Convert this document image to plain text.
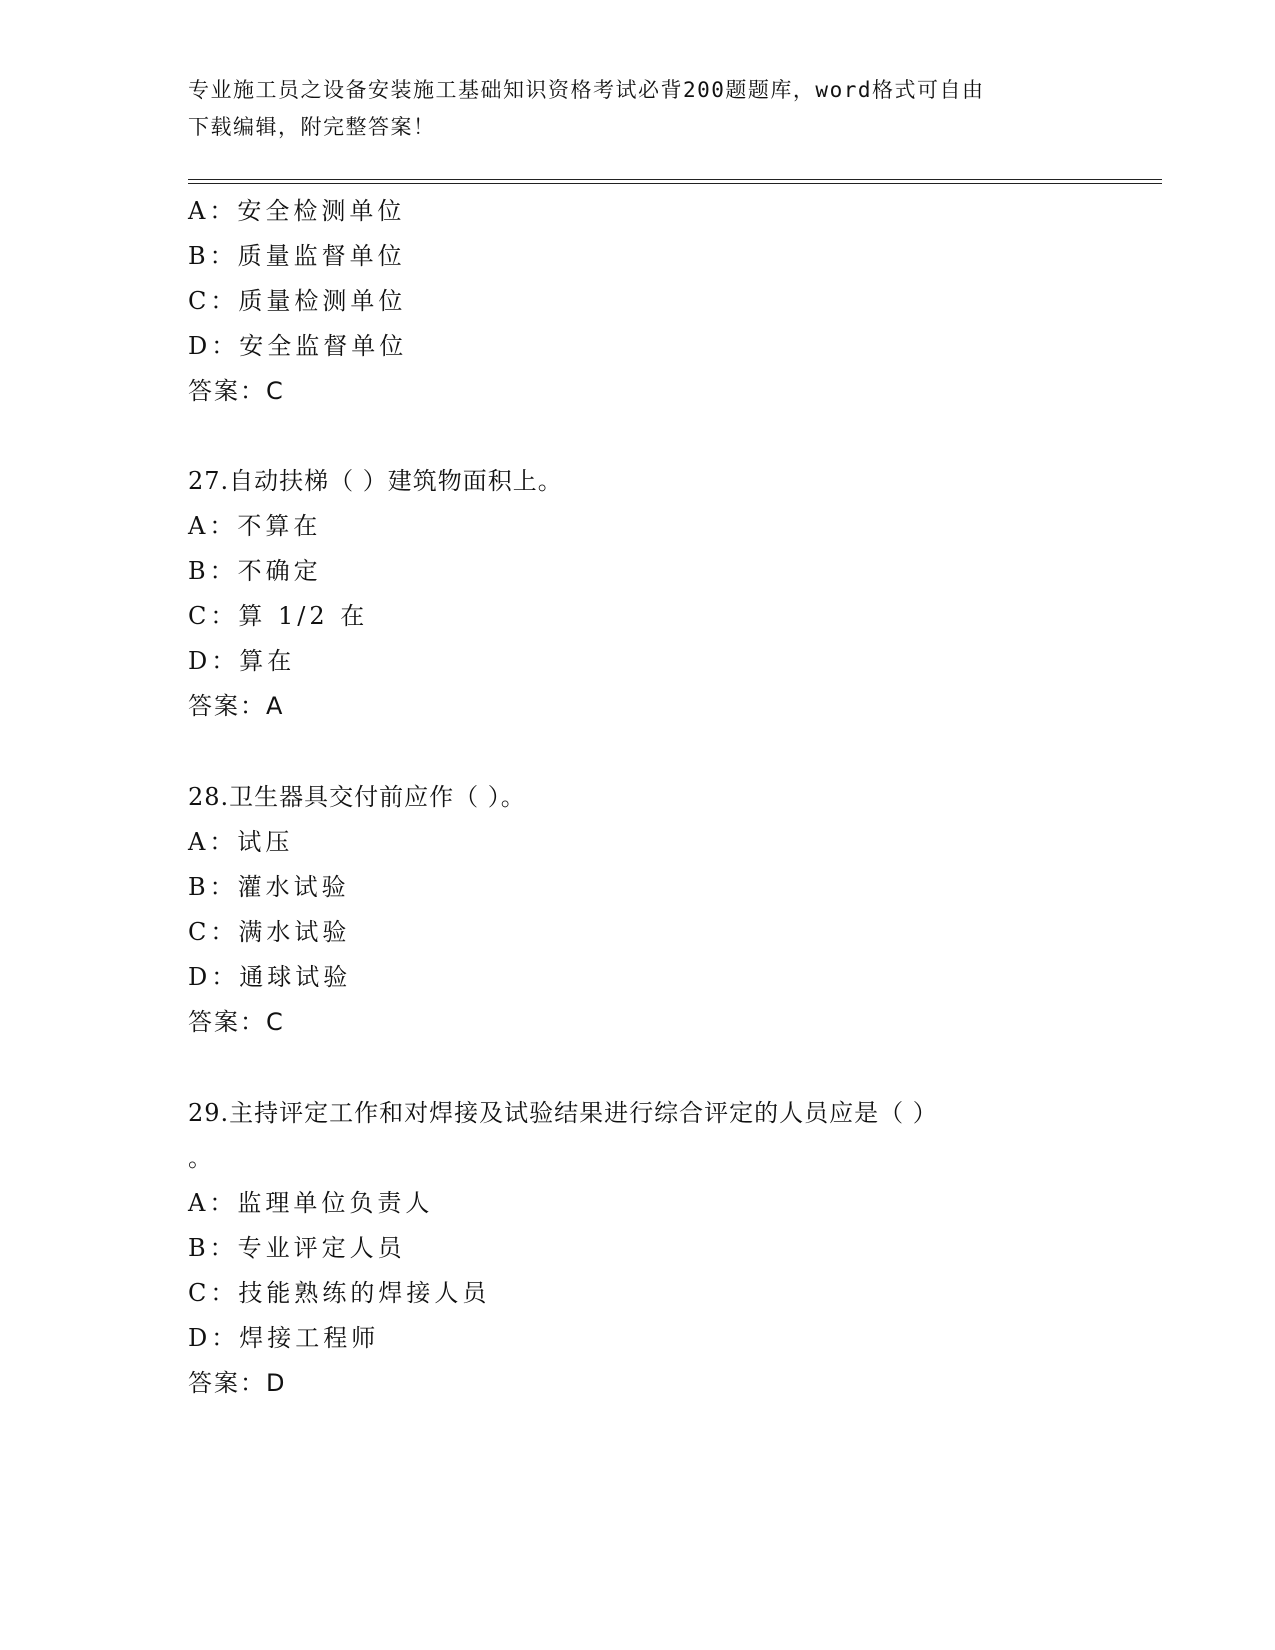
专业施工员之设备安装施工基础知识资格考试必背200题题库，word格式可自由
下载编辑，附完整答案！
A：安全检测单位
B：质量监督单位
C：质量检测单位
D：安全监督单位
答案：C
27.自动扶梯（ ）建筑物面积上。
A：不算在
B：不确定
C：算 1/2 在
D：算在
答案：A
28.卫生器具交付前应作（ ）。
A：试压
B：灌水试验
C：满水试验
D：通球试验
答案：C
29.主持评定工作和对焊接及试验结果进行综合评定的人员应是（ ）
。
A：监理单位负责人
B：专业评定人员
C：技能熟练的焊接人员
D：焊接工程师
答案：D
